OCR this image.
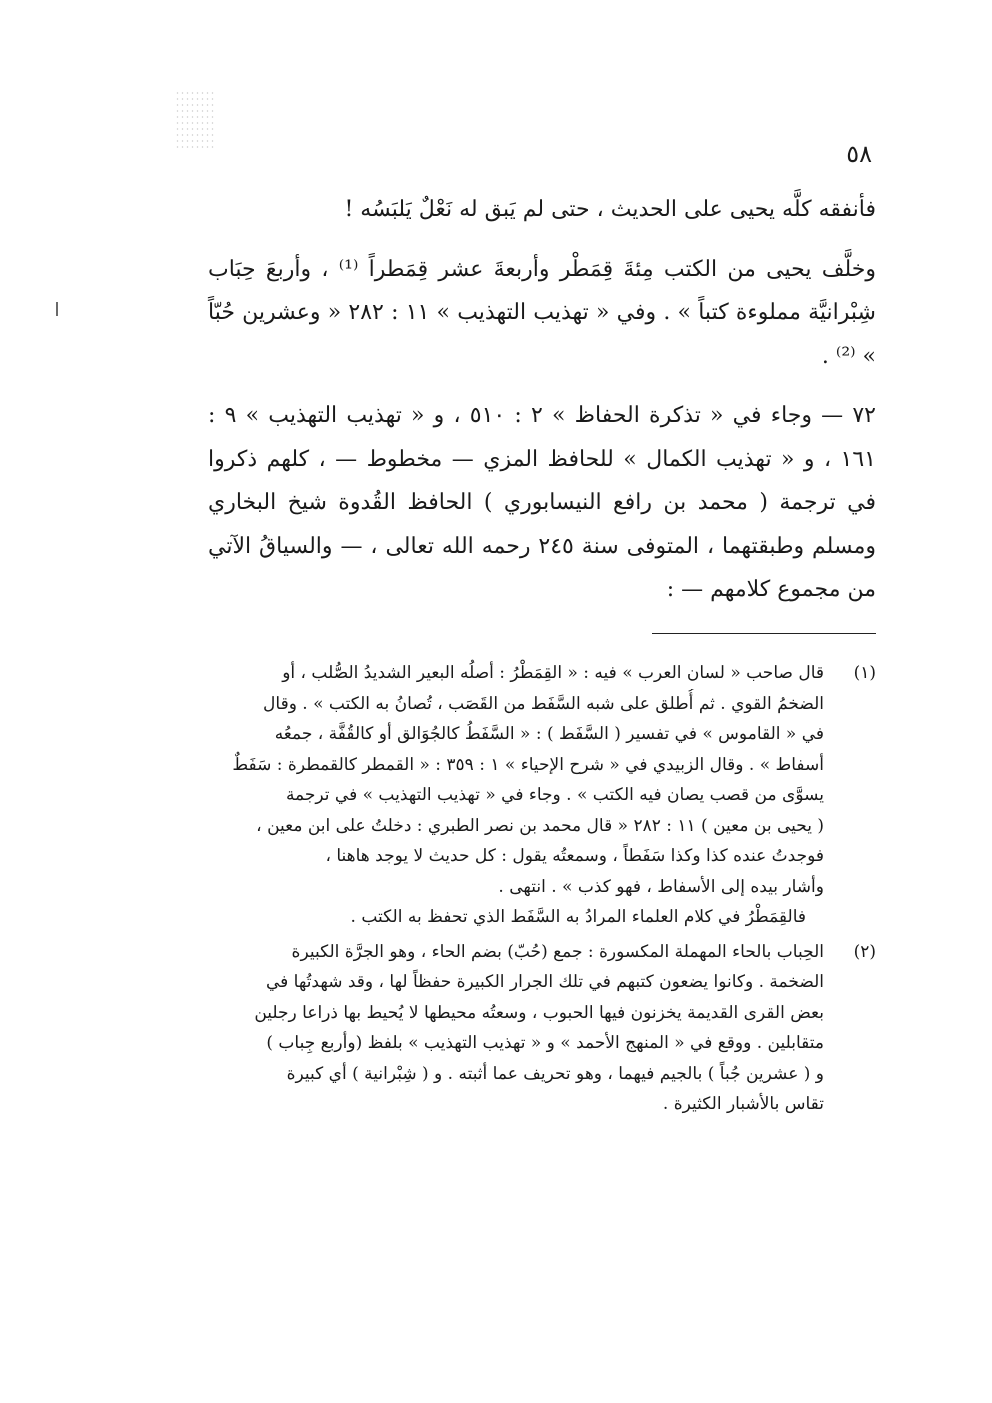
٥٨

فأنفقه كلَّه يحيى على الحديث ، حتى لم يَبق له نَعْلٌ يَلبَسُه !

وخلَّف يحيى من الكتب مِئةَ قِمَطْر وأربعةَ عشر قِمَطراً ⁽¹⁾ ، وأربعَ حِبَاب شِبْرانيَّة مملوءة كتباً » . وفي « تهذيب التهذيب » ١١ : ٢٨٢ « وعشرين حُبّاً » ⁽²⁾ .

٧٢ — وجاء في « تذكرة الحفاظ » ٢ : ٥١٠ ، و « تهذيب التهذيب » ٩ : ١٦١ ، و « تهذيب الكمال » للحافظ المزي — مخطوط — ، كلهم ذكروا في ترجمة ( محمد بن رافع النيسابوري ) الحافظ القُدوة شيخ البخاري ومسلم وطبقتهما ، المتوفى سنة ٢٤٥ رحمه الله تعالى ، — والسياقُ الآتي من مجموع كلامهم — :

(١)
قال صاحب « لسان العرب » فيه : « القِمَطْرُ : أصلُه البعير الشديدُ الصُّلب ، أو
الضخمُ القوي . ثم أُطلق على شبه السَّفَط من القَصَب ، تُصانُ به الكتب » . وقال
في « القاموس » في تفسير ( السَّفَط ) : « السَّفَطُ كالجُوَالق أو كالقُفَّة ، جمعُه
أسفاط » . وقال الزبيدي في « شرح الإحياء » ١ : ٣٥٩ : « القمطر كالقمطرة : سَفَطٌ
يسوَّى من قصب يصان فيه الكتب » . وجاء في « تهذيب التهذيب » في ترجمة
( يحيى بن معين ) ١١ : ٢٨٢ « قال محمد بن نصر الطبري : دخلتُ على ابن معين ،
فوجدتُ عنده كذا وكذا سَفَطاً ، وسمعتُه يقول : كل حديث لا يوجد هاهنا ،
وأشار بيده إلى الأسفاط ، فهو كذب » . انتهى .
فالقِمَطْرُ في كلام العلماء المرادُ به السَّفَط الذي تحفظ به الكتب .
(٢)
الحِباب بالحاء المهملة المكسورة : جمع (حُبّ) بضم الحاء ، وهو الجرَّة الكبيرة
الضخمة . وكانوا يضعون كتبهم في تلك الجرار الكبيرة حفظاً لها ، وقد شهدتُها في
بعض القرى القديمة يخزنون فيها الحبوب ، وسعتُه محيطها لا يُحيط بها ذراعا رجلين
متقابلين . ووقع في « المنهج الأحمد » و « تهذيب التهذيب » بلفظ (وأربع جِباب )
و ( عشرين جُباً ) بالجيم فيهما ، وهو تحريف عما أثبته . و ( شِبْرانية ) أي كبيرة
تقاس بالأشبار الكثيرة .
